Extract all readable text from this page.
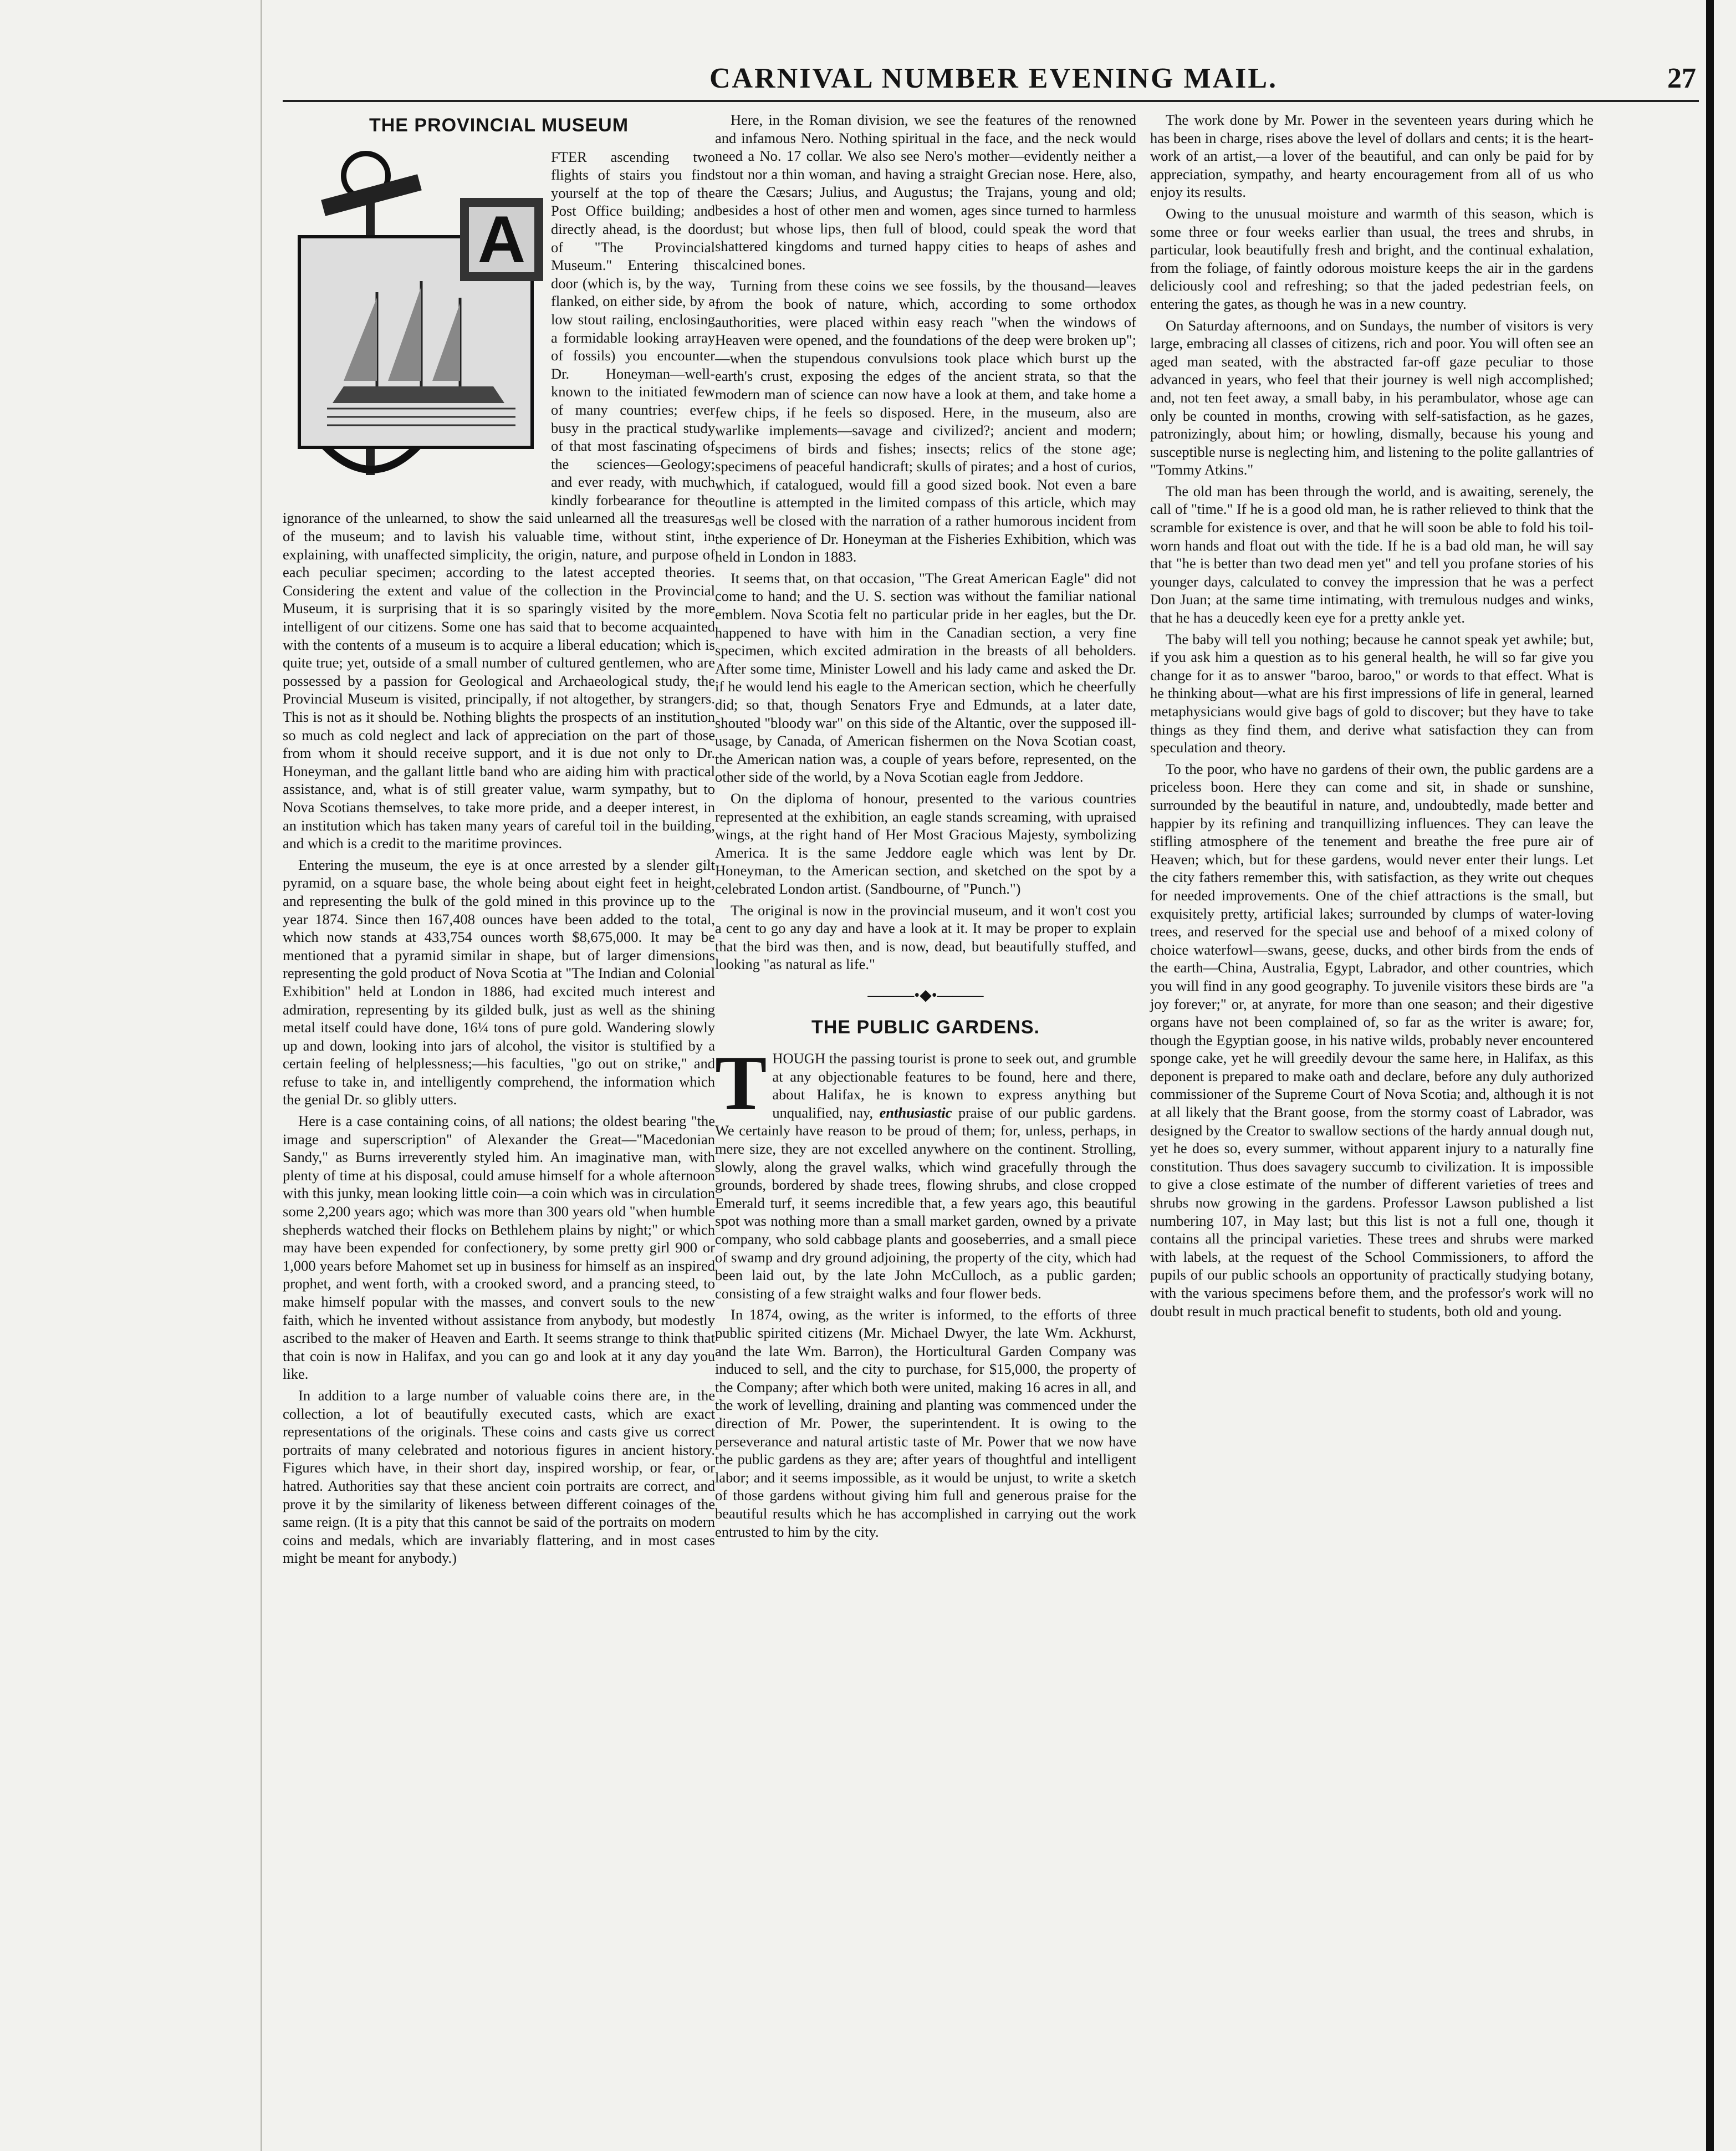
CARNIVAL NUMBER EVENING MAIL.	27
THE PROVINCIAL MUSEUM
A

FTER ascending two flights of stairs you find yourself at the top of the Post Office building; and directly ahead, is the door of "The Provincial Museum." Entering this door (which is, by the way, flanked, on either side, by a low stout railing, enclosing a formidable looking array of fossils) you encounter Dr. Honeyman—well-known to the initiated few of many countries; ever busy in the practical study of that most fascinating of the sciences—Geology; and ever ready, with much kindly forbearance for the ignorance of the unlearned, to show the said unlearned all the treasures of the museum; and to lavish his valuable time, without stint, in explaining, with unaffected simplicity, the origin, nature, and purpose of each peculiar specimen; according to the latest accepted theories. Considering the extent and value of the collection in the Provincial Museum, it is surprising that it is so sparingly visited by the more intelligent of our citizens. Some one has said that to become acquainted with the contents of a museum is to acquire a liberal education; which is quite true; yet, outside of a small number of cultured gentlemen, who are possessed by a passion for Geological and Archaeological study, the Provincial Museum is visited, principally, if not altogether, by strangers. This is not as it should be. Nothing blights the prospects of an institution so much as cold neglect and lack of appreciation on the part of those from whom it should receive support, and it is due not only to Dr. Honeyman, and the gallant little band who are aiding him with practical assistance, and, what is of still greater value, warm sympathy, but to Nova Scotians themselves, to take more pride, and a deeper interest, in an institution which has taken many years of careful toil in the building, and which is a credit to the maritime provinces.

Entering the museum, the eye is at once arrested by a slender gilt pyramid, on a square base, the whole being about eight feet in height, and representing the bulk of the gold mined in this province up to the year 1874. Since then 167,408 ounces have been added to the total, which now stands at 433,754 ounces worth $8,675,000. It may be mentioned that a pyramid similar in shape, but of larger dimensions representing the gold product of Nova Scotia at "The Indian and Colonial Exhibition" held at London in 1886, had excited much interest and admiration, representing by its gilded bulk, just as well as the shining metal itself could have done, 16¼ tons of pure gold. Wandering slowly up and down, looking into jars of alcohol, the visitor is stultified by a certain feeling of helplessness;—his faculties, "go out on strike," and refuse to take in, and intelligently comprehend, the information which the genial Dr. so glibly utters.

Here is a case containing coins, of all nations; the oldest bearing "the image and superscription" of Alexander the Great—"Macedonian Sandy," as Burns irreverently styled him. An imaginative man, with plenty of time at his disposal, could amuse himself for a whole afternoon with this junky, mean looking little coin—a coin which was in circulation some 2,200 years ago; which was more than 300 years old "when humble shepherds watched their flocks on Bethlehem plains by night;" or which may have been expended for confectionery, by some pretty girl 900 or 1,000 years before Mahomet set up in business for himself as an inspired prophet, and went forth, with a crooked sword, and a prancing steed, to make himself popular with the masses, and convert souls to the new faith, which he invented without assistance from anybody, but modestly ascribed to the maker of Heaven and Earth. It seems strange to think that that coin is now in Halifax, and you can go and look at it any day you like.

In addition to a large number of valuable coins there are, in the collection, a lot of beautifully executed casts, which are exact representations of the originals. These coins and casts give us correct portraits of many celebrated and notorious figures in ancient history. Figures which have, in their short day, inspired worship, or fear, or hatred. Authorities say that these ancient coin portraits are correct, and prove it by the similarity of likeness between different coinages of the same reign. (It is a pity that this cannot be said of the portraits on modern coins and medals, which are invariably flattering, and in most cases might be meant for anybody.)

Here, in the Roman division, we see the features of the renowned and infamous Nero. Nothing spiritual in the face, and the neck would need a No. 17 collar. We also see Nero's mother—evidently neither a stout nor a thin woman, and having a straight Grecian nose. Here, also, are the Cæsars; Julius, and Augustus; the Trajans, young and old; besides a host of other men and women, ages since turned to harmless dust; but whose lips, then full of blood, could speak the word that shattered kingdoms and turned happy cities to heaps of ashes and calcined bones.

Turning from these coins we see fossils, by the thousand—leaves from the book of nature, which, according to some orthodox authorities, were placed within easy reach "when the windows of Heaven were opened, and the foundations of the deep were broken up";—when the stupendous convulsions took place which burst up the earth's crust, exposing the edges of the ancient strata, so that the modern man of science can now have a look at them, and take home a few chips, if he feels so disposed. Here, in the museum, also are warlike implements—savage and civilized?; ancient and modern; specimens of birds and fishes; insects; relics of the stone age; specimens of peaceful handicraft; skulls of pirates; and a host of curios, which, if catalogued, would fill a good sized book. Not even a bare outline is attempted in the limited compass of this article, which may as well be closed with the narration of a rather humorous incident from the experience of Dr. Honeyman at the Fisheries Exhibition, which was held in London in 1883.

It seems that, on that occasion, "The Great American Eagle" did not come to hand; and the U. S. section was without the familiar national emblem. Nova Scotia felt no particular pride in her eagles, but the Dr. happened to have with him in the Canadian section, a very fine specimen, which excited admiration in the breasts of all beholders. After some time, Minister Lowell and his lady came and asked the Dr. if he would lend his eagle to the American section, which he cheerfully did; so that, though Senators Frye and Edmunds, at a later date, shouted "bloody war" on this side of the Altantic, over the supposed ill-usage, by Canada, of American fishermen on the Nova Scotian coast, the American nation was, a couple of years before, represented, on the other side of the world, by a Nova Scotian eagle from Jeddore.

On the diploma of honour, presented to the various countries represented at the exhibition, an eagle stands screaming, with upraised wings, at the right hand of Her Most Gracious Majesty, symbolizing America. It is the same Jeddore eagle which was lent by Dr. Honeyman, to the American section, and sketched on the spot by a celebrated London artist. (Sandbourne, of "Punch.")

The original is now in the provincial museum, and it won't cost you a cent to go any day and have a look at it. It may be proper to explain that the bird was then, and is now, dead, but beautifully stuffed, and looking "as natural as life."

———•◆•———
THE PUBLIC GARDENS.

T HOUGH the passing tourist is prone to seek out, and grumble at any objectionable features to be found, here and there, about Halifax, he is known to express anything but unqualified, nay, enthusiastic praise of our public gardens. We certainly have reason to be proud of them; for, unless, perhaps, in mere size, they are not excelled anywhere on the continent. Strolling, slowly, along the gravel walks, which wind gracefully through the grounds, bordered by shade trees, flowing shrubs, and close cropped Emerald turf, it seems incredible that, a few years ago, this beautiful spot was nothing more than a small market garden, owned by a private company, who sold cabbage plants and gooseberries, and a small piece of swamp and dry ground adjoining, the property of the city, which had been laid out, by the late John McCulloch, as a public garden; consisting of a few straight walks and four flower beds.

In 1874, owing, as the writer is informed, to the efforts of three public spirited citizens (Mr. Michael Dwyer, the late Wm. Ackhurst, and the late Wm. Barron), the Horticultural Garden Company was induced to sell, and the city to purchase, for $15,000, the property of the Company; after which both were united, making 16 acres in all, and the work of levelling, draining and planting was commenced under the direction of Mr. Power, the superintendent. It is owing to the perseverance and natural artistic taste of Mr. Power that we now have the public gardens as they are; after years of thoughtful and intelligent labor; and it seems impossible, as it would be unjust, to write a sketch of those gardens without giving him full and generous praise for the beautiful results which he has accomplished in carrying out the work entrusted to him by the city.

The work done by Mr. Power in the seventeen years during which he has been in charge, rises above the level of dollars and cents; it is the heart-work of an artist,—a lover of the beautiful, and can only be paid for by appreciation, sympathy, and hearty encouragement from all of us who enjoy its results.

Owing to the unusual moisture and warmth of this season, which is some three or four weeks earlier than usual, the trees and shrubs, in particular, look beautifully fresh and bright, and the continual exhalation, from the foliage, of faintly odorous moisture keeps the air in the gardens deliciously cool and refreshing; so that the jaded pedestrian feels, on entering the gates, as though he was in a new country.

On Saturday afternoons, and on Sundays, the number of visitors is very large, embracing all classes of citizens, rich and poor. You will often see an aged man seated, with the abstracted far-off gaze peculiar to those advanced in years, who feel that their journey is well nigh accomplished; and, not ten feet away, a small baby, in his perambulator, whose age can only be counted in months, crowing with self-satisfaction, as he gazes, patronizingly, about him; or howling, dismally, because his young and susceptible nurse is neglecting him, and listening to the polite gallantries of "Tommy Atkins."

The old man has been through the world, and is awaiting, serenely, the call of "time." If he is a good old man, he is rather relieved to think that the scramble for existence is over, and that he will soon be able to fold his toil-worn hands and float out with the tide. If he is a bad old man, he will say that "he is better than two dead men yet" and tell you profane stories of his younger days, calculated to convey the impression that he was a perfect Don Juan; at the same time intimating, with tremulous nudges and winks, that he has a deucedly keen eye for a pretty ankle yet.

The baby will tell you nothing; because he cannot speak yet awhile; but, if you ask him a question as to his general health, he will so far give you change for it as to answer "baroo, baroo," or words to that effect. What is he thinking about—what are his first impressions of life in general, learned metaphysicians would give bags of gold to discover; but they have to take things as they find them, and derive what satisfaction they can from speculation and theory.

To the poor, who have no gardens of their own, the public gardens are a priceless boon. Here they can come and sit, in shade or sunshine, surrounded by the beautiful in nature, and, undoubtedly, made better and happier by its refining and tranquillizing influences. They can leave the stifling atmosphere of the tenement and breathe the free pure air of Heaven; which, but for these gardens, would never enter their lungs. Let the city fathers remember this, with satisfaction, as they write out cheques for needed improvements. One of the chief attractions is the small, but exquisitely pretty, artificial lakes; surrounded by clumps of water-loving trees, and reserved for the special use and behoof of a mixed colony of choice waterfowl—swans, geese, ducks, and other birds from the ends of the earth—China, Australia, Egypt, Labrador, and other countries, which you will find in any good geography. To juvenile visitors these birds are "a joy forever;" or, at anyrate, for more than one season; and their digestive organs have not been complained of, so far as the writer is aware; for, though the Egyptian goose, in his native wilds, probably never encountered sponge cake, yet he will greedily devour the same here, in Halifax, as this deponent is prepared to make oath and declare, before any duly authorized commissioner of the Supreme Court of Nova Scotia; and, although it is not at all likely that the Brant goose, from the stormy coast of Labrador, was designed by the Creator to swallow sections of the hardy annual dough nut, yet he does so, every summer, without apparent injury to a naturally fine constitution. Thus does savagery succumb to civilization. It is impossible to give a close estimate of the number of different varieties of trees and shrubs now growing in the gardens. Professor Lawson published a list numbering 107, in May last; but this list is not a full one, though it contains all the principal varieties. These trees and shrubs were marked with labels, at the request of the School Commissioners, to afford the pupils of our public schools an opportunity of practically studying botany, with the various specimens before them, and the professor's work will no doubt result in much practical benefit to students, both old and young.
